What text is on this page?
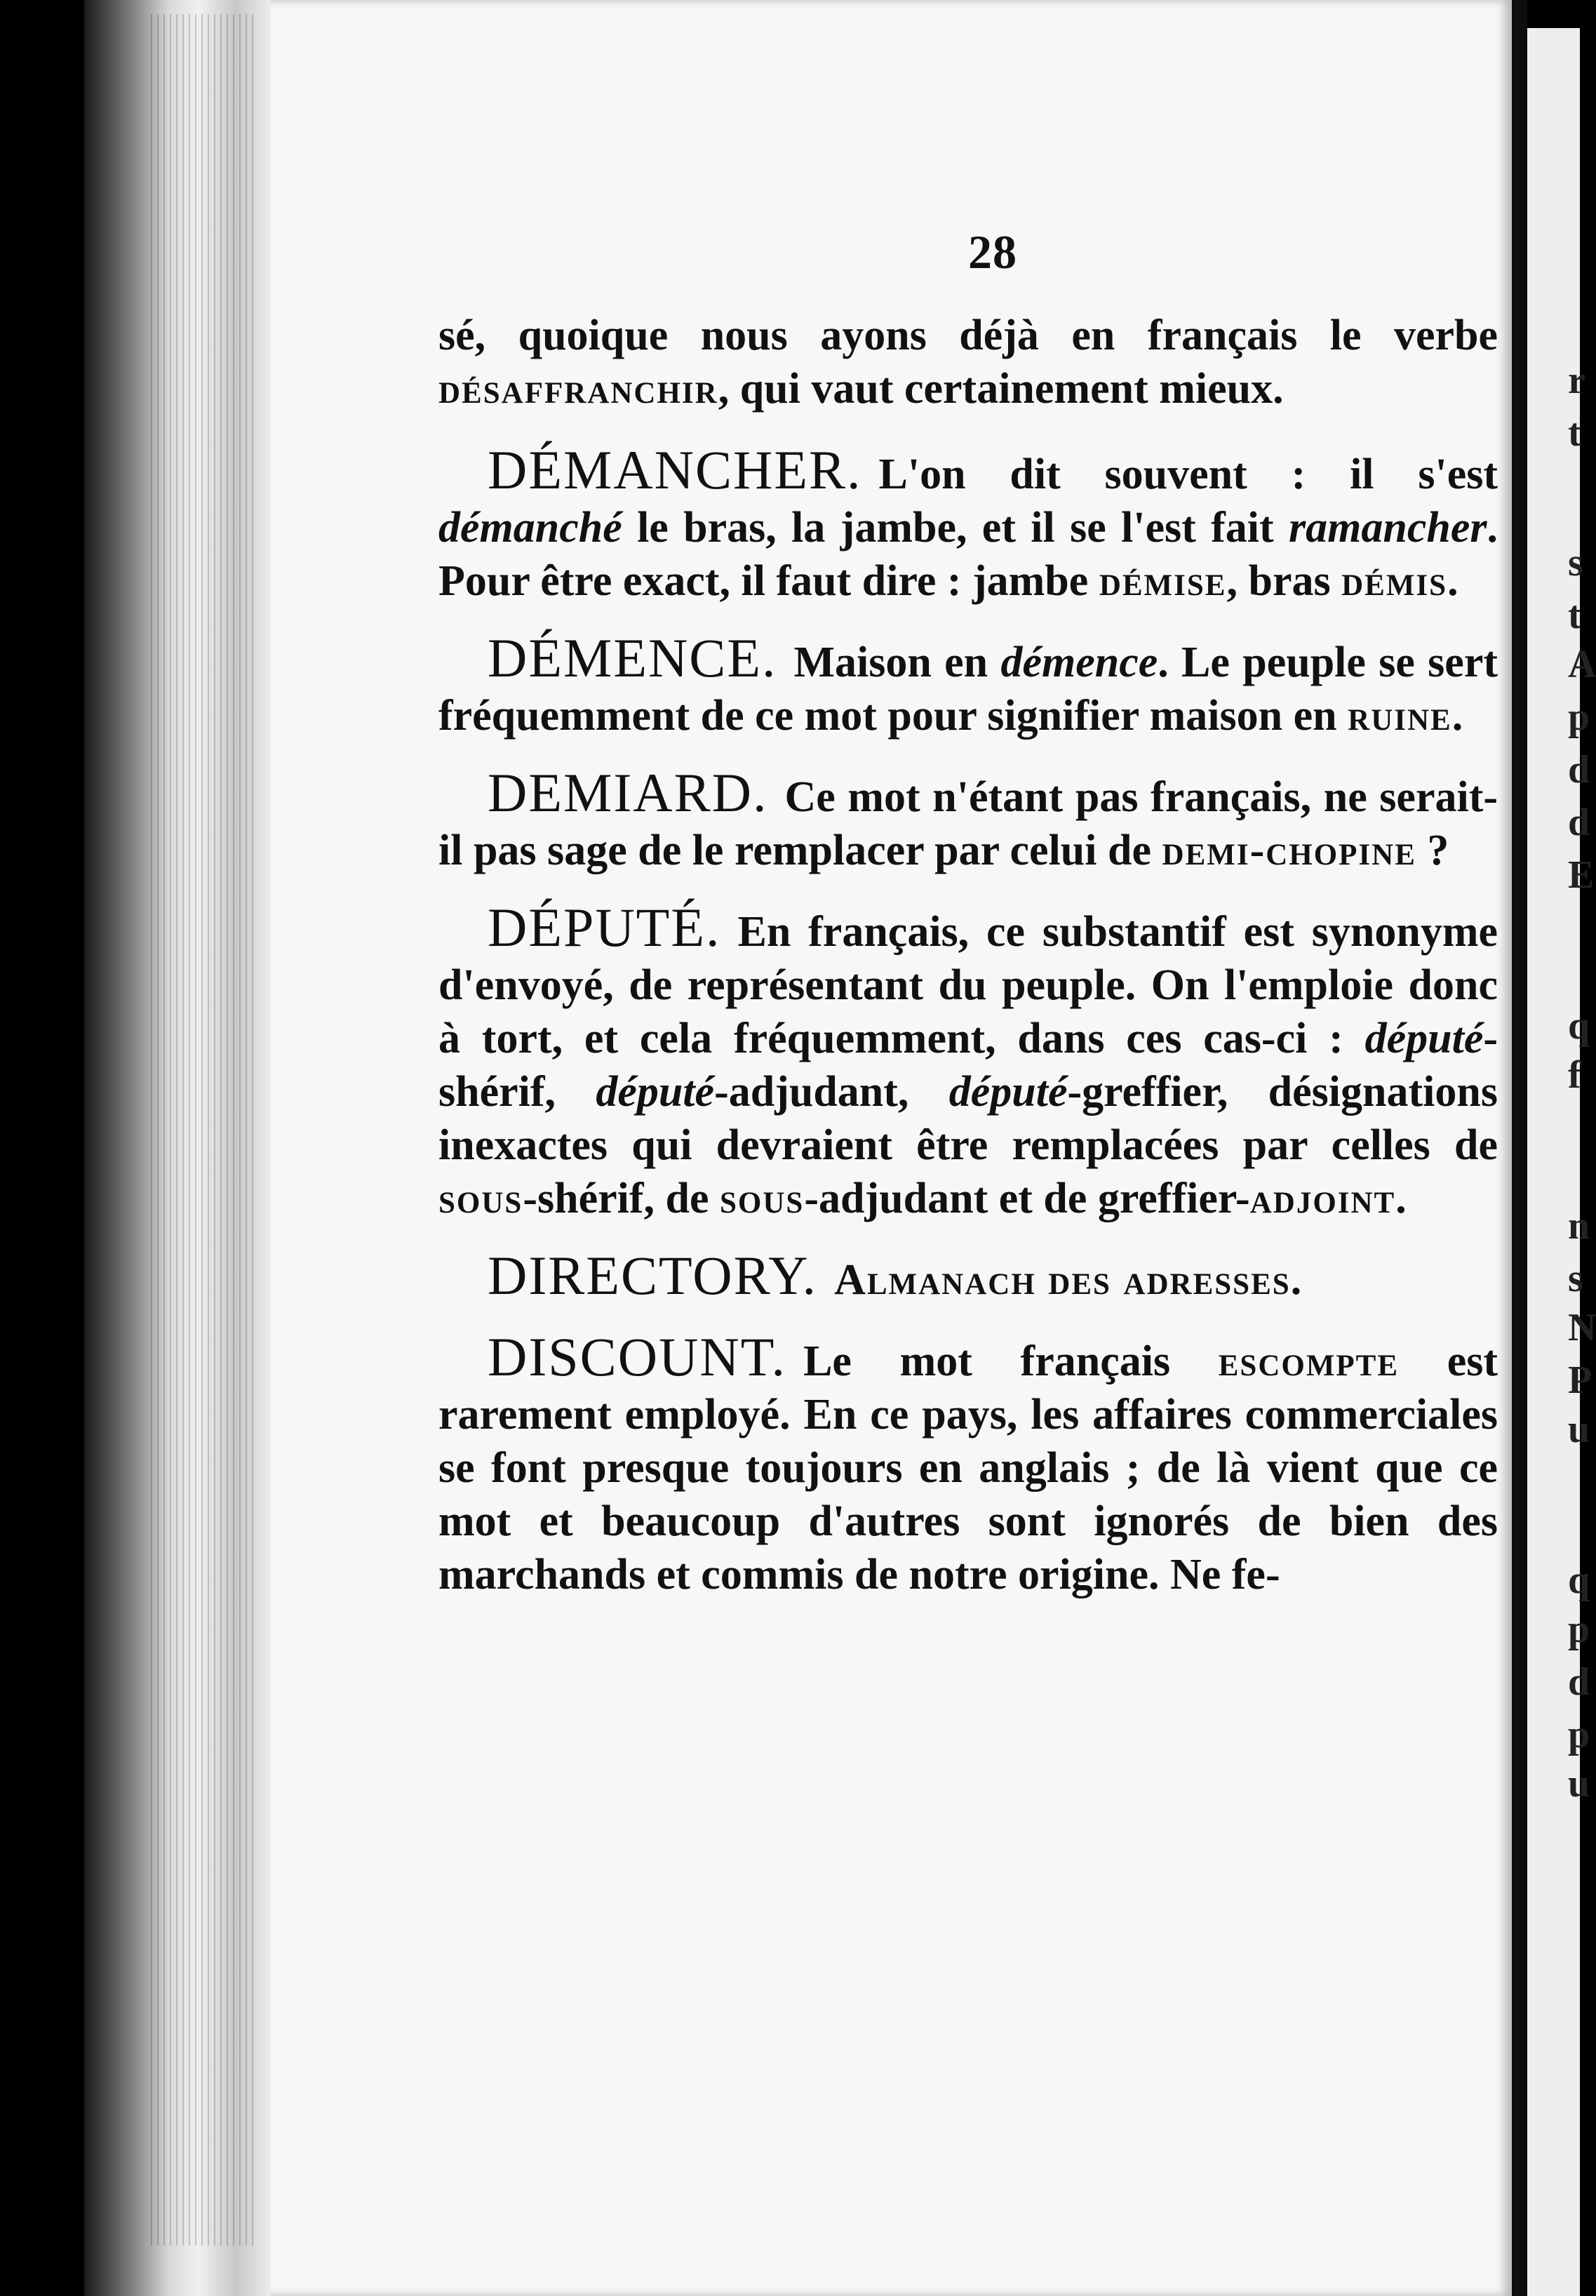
r
t
s
t
A
p
d
d
E
q
f
n
s
N
P
u
q
p
d
p
u
28

sé, quoique nous ayons déjà en français le verbe désaffranchir, qui vaut certainement mieux.

DÉMANCHER. L'on dit souvent : il s'est démanché le bras, la jambe, et il se l'est fait ramancher. Pour être exact, il faut dire : jambe démise, bras démis.

DÉMENCE. Maison en démence. Le peuple se sert fréquemment de ce mot pour signifier maison en ruine.

DEMIARD. Ce mot n'étant pas français, ne serait-il pas sage de le remplacer par celui de demi-chopine ?

DÉPUTÉ. En français, ce substantif est synonyme d'envoyé, de représentant du peuple. On l'emploie donc à tort, et cela fréquemment, dans ces cas-ci : député-shérif, député-adjudant, député-greffier, désignations inexactes qui devraient être remplacées par celles de sous-shérif, de sous-adjudant et de greffier-adjoint.

DIRECTORY. Almanach des adresses.

DISCOUNT. Le mot français escompte est rarement employé. En ce pays, les affaires commerciales se font presque toujours en anglais ; de là vient que ce mot et beaucoup d'autres sont ignorés de bien des marchands et commis de notre origine. Ne fe-
